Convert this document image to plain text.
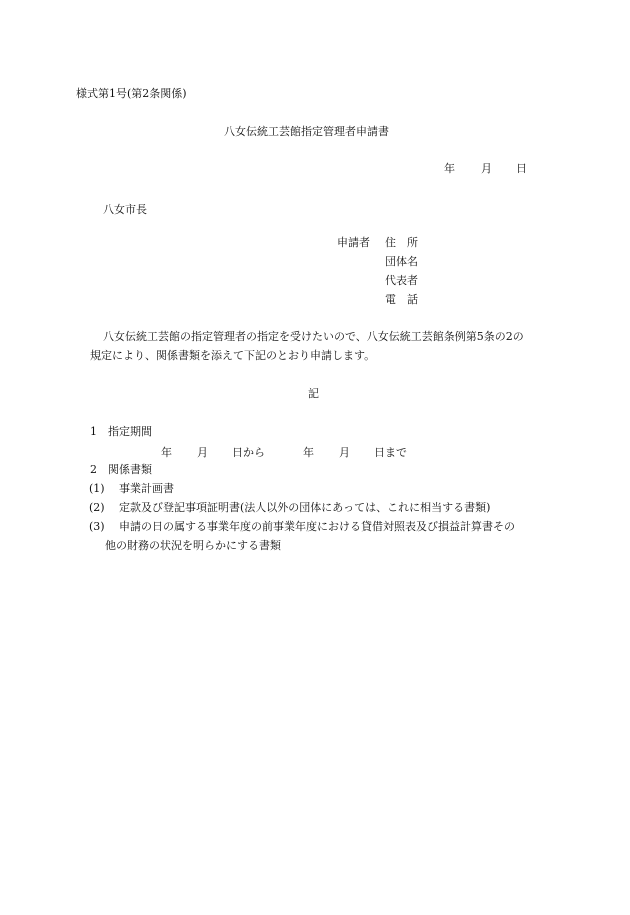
様式第1号(第2条関係)
八女伝統工芸館指定管理者申請書
年 月 日
八女市長
申請者 住　所
団体名
代表者
電　話
八女伝統工芸館の指定管理者の指定を受けたいので、八女伝統工芸館条例第5条の2の
規定により、関係書類を添えて下記のとおり申請します。
記
1　指定期間
年 月 日から	年 月 日まで
2　関係書類
(1) 事業計画書
(2) 定款及び登記事項証明書(法人以外の団体にあっては、これに相当する書類)
(3) 申請の日の属する事業年度の前事業年度における貸借対照表及び損益計算書その
他の財務の状況を明らかにする書類
